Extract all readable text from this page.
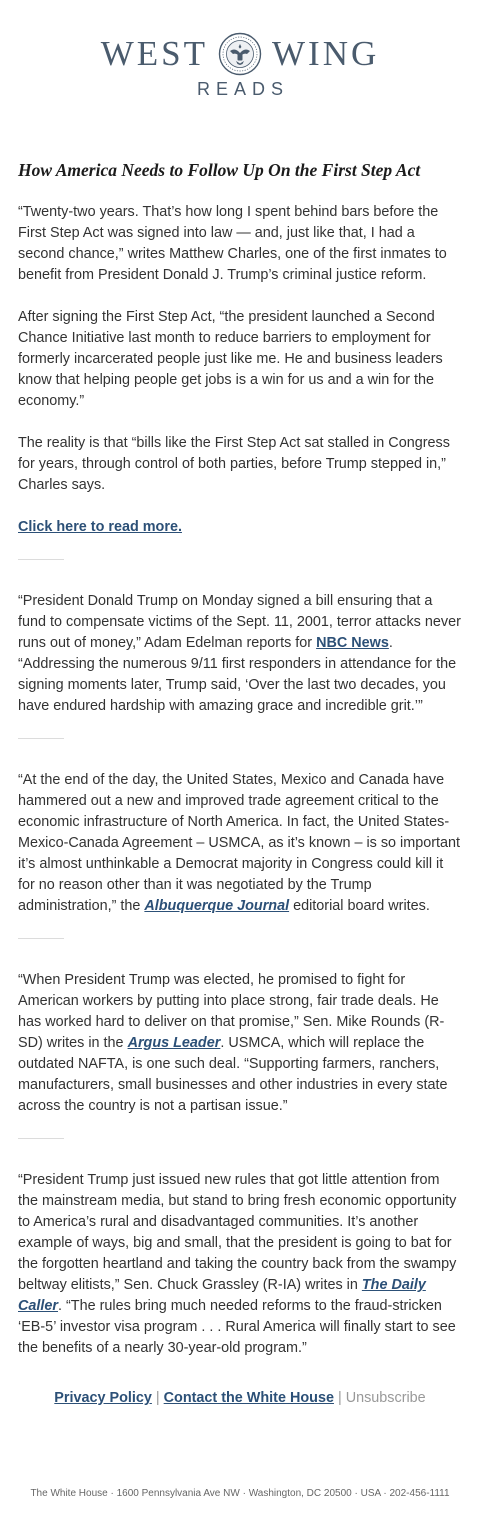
WEST WING
READS
How America Needs to Follow Up On the First Step Act

“Twenty-two years. That’s how long I spent behind bars before the First Step Act was signed into law — and, just like that, I had a second chance,” writes Matthew Charles, one of the first inmates to benefit from President Donald J. Trump’s criminal justice reform.

After signing the First Step Act, “the president launched a Second Chance Initiative last month to reduce barriers to employment for formerly incarcerated people just like me. He and business leaders know that helping people get jobs is a win for us and a win for the economy.”

The reality is that “bills like the First Step Act sat stalled in Congress for years, through control of both parties, before Trump stepped in,” Charles says.

Click here to read more.

“President Donald Trump on Monday signed a bill ensuring that a fund to compensate victims of the Sept. 11, 2001, terror attacks never runs out of money,” Adam Edelman reports for NBC News. “Addressing the numerous 9/11 first responders in attendance for the signing moments later, Trump said, ‘Over the last two decades, you have endured hardship with amazing grace and incredible grit.’”

“At the end of the day, the United States, Mexico and Canada have hammered out a new and improved trade agreement critical to the economic infrastructure of North America. In fact, the United States-Mexico-Canada Agreement – USMCA, as it’s known – is so important it’s almost unthinkable a Democrat majority in Congress could kill it for no reason other than it was negotiated by the Trump administration,” the Albuquerque Journal editorial board writes.

“When President Trump was elected, he promised to fight for American workers by putting into place strong, fair trade deals. He has worked hard to deliver on that promise,” Sen. Mike Rounds (R-SD) writes in the Argus Leader. USMCA, which will replace the outdated NAFTA, is one such deal. “Supporting farmers, ranchers, manufacturers, small businesses and other industries in every state across the country is not a partisan issue.”

“President Trump just issued new rules that got little attention from the mainstream media, but stand to bring fresh economic opportunity to America’s rural and disadvantaged communities. It’s another example of ways, big and small, that the president is going to bat for the forgotten heartland and taking the country back from the swampy beltway elitists,” Sen. Chuck Grassley (R-IA) writes in The Daily Caller. “The rules bring much needed reforms to the fraud-stricken ‘EB-5’ investor visa program . . . Rural America will finally start to see the benefits of a nearly 30-year-old program.”

Privacy Policy | Contact the White House | Unsubscribe
The White House · 1600 Pennsylvania Ave NW · Washington, DC 20500 · USA · 202-456-1111
